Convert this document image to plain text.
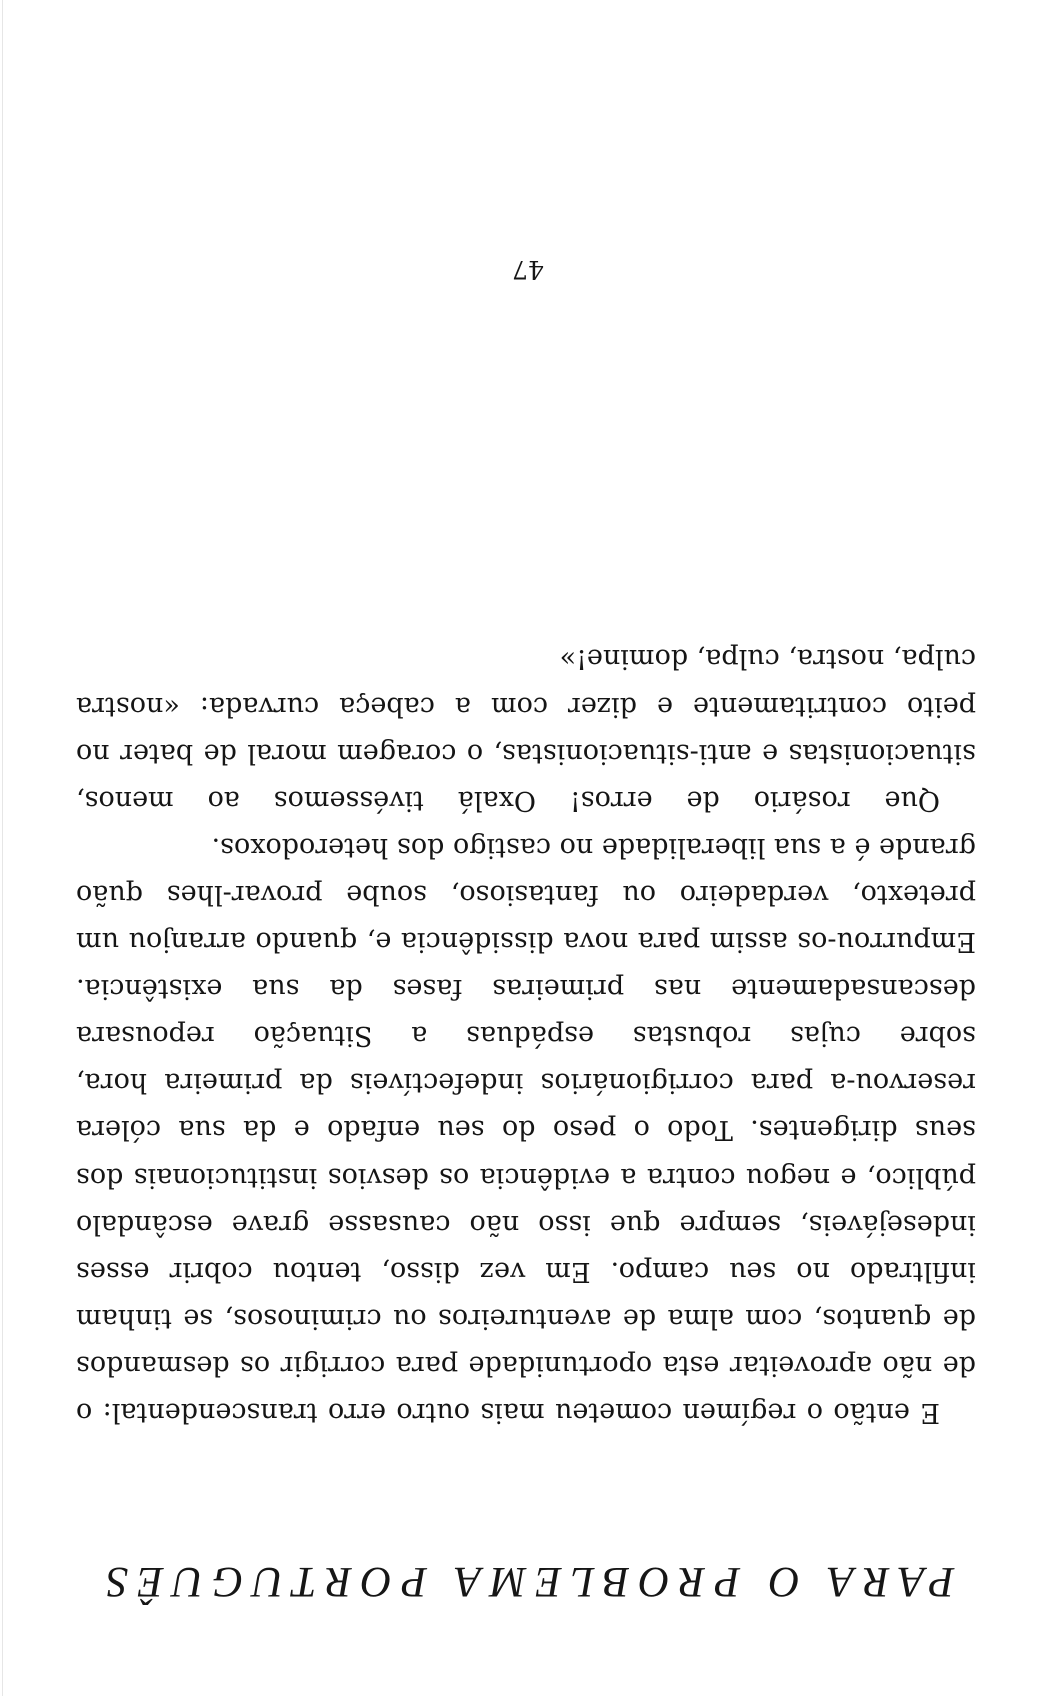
PARA O PROBLEMA PORTUGUÊS

E então o regímen cometeu mais outro erro transcendental: o de não aproveitar esta oportunidade para corrigir os desmandos de quantos, com alma de aventureiros ou criminosos, se tinham infiltrado no seu campo. Em vez disso, tentou cobrir esses indesejáveis, sempre que isso não causasse grave escândalo público, e negou contra a evidência os desvios institucionais dos seus dirigentes. Todo o peso do seu enfado e da sua cólera reservou-a para corrigionários indefectíveis da primeira hora, sobre cujas robustas espáduas a Situação repousara descansadamente nas primeiras fases da sua existência. Empurrou-os assim para nova dissidência e, quando arranjou um pretexto, verdadeiro ou fantasioso, soube provar-lhes quão grande é a sua liberalidade no castigo dos heterodoxos.

Que rosário de erros! Oxalá tivéssemos ao menos, situacionistas e anti-situacionistas, o coragem moral de bater no peito contritamente e dizer com a cabeça curvada: «nostra culpa, nostra, culpa, domine!»

47
